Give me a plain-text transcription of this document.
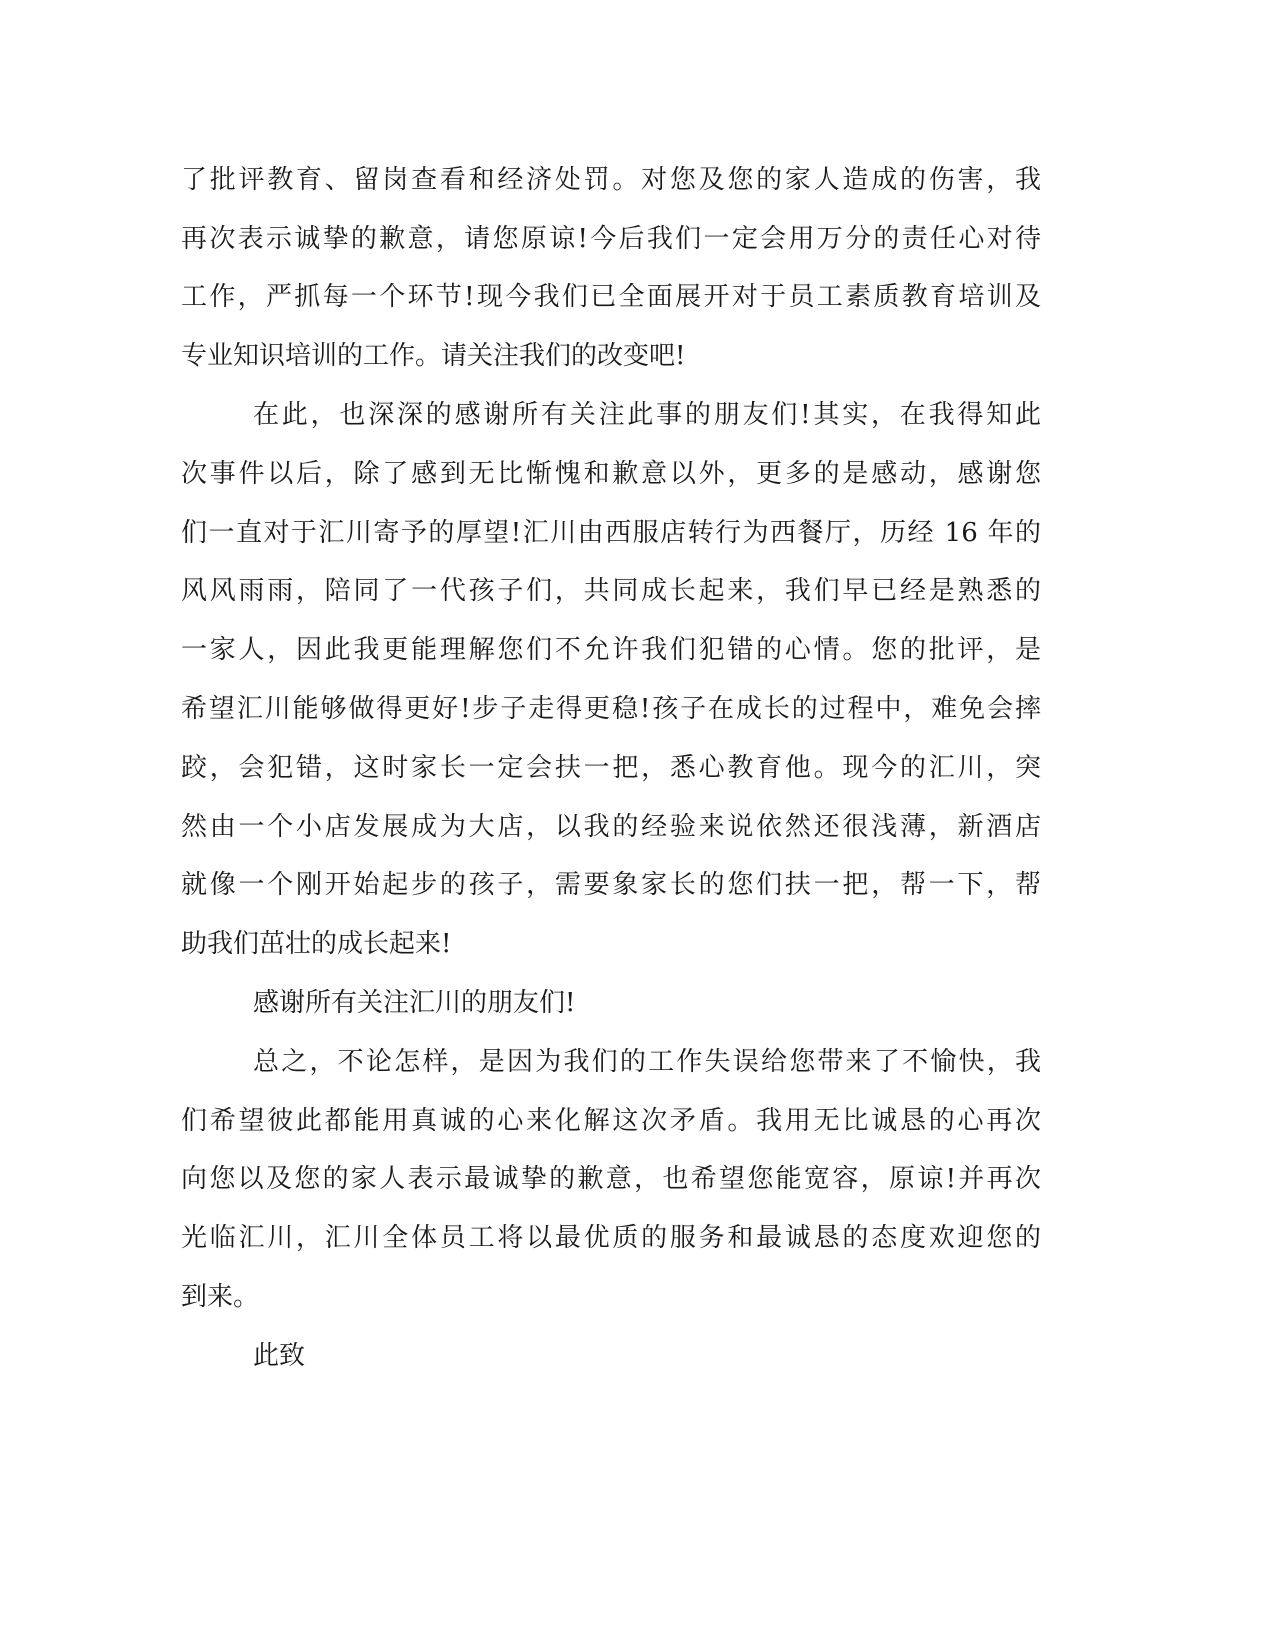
了批评教育、留岗查看和经济处罚。对您及您的家人造成的伤害，我
再次表示诚挚的歉意，请您原谅!今后我们一定会用万分的责任心对待
工作，严抓每一个环节!现今我们已全面展开对于员工素质教育培训及
专业知识培训的工作。请关注我们的改变吧!
在此，也深深的感谢所有关注此事的朋友们!其实，在我得知此
次事件以后，除了感到无比惭愧和歉意以外，更多的是感动，感谢您
们一直对于汇川寄予的厚望!汇川由西服店转行为西餐厅，历经 16 年的
风风雨雨，陪同了一代孩子们，共同成长起来，我们早已经是熟悉的
一家人，因此我更能理解您们不允许我们犯错的心情。您的批评，是
希望汇川能够做得更好!步子走得更稳!孩子在成长的过程中，难免会摔
跤，会犯错，这时家长一定会扶一把，悉心教育他。现今的汇川，突
然由一个小店发展成为大店，以我的经验来说依然还很浅薄，新酒店
就像一个刚开始起步的孩子，需要象家长的您们扶一把，帮一下，帮
助我们茁壮的成长起来!
感谢所有关注汇川的朋友们!
总之，不论怎样，是因为我们的工作失误给您带来了不愉快，我
们希望彼此都能用真诚的心来化解这次矛盾。我用无比诚恳的心再次
向您以及您的家人表示最诚挚的歉意，也希望您能宽容，原谅!并再次
光临汇川，汇川全体员工将以最优质的服务和最诚恳的态度欢迎您的
到来。
此致
